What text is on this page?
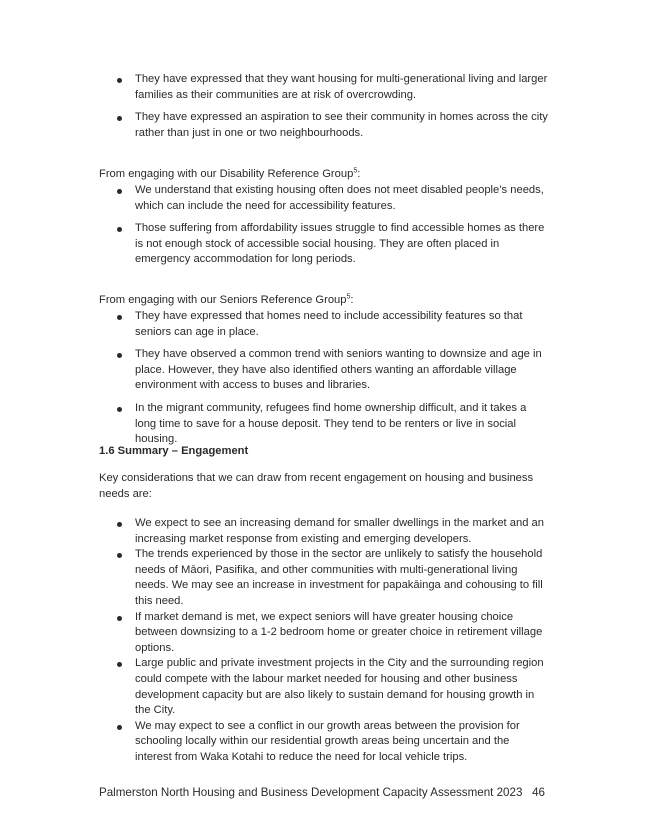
They have expressed that they want housing for multi-generational living and larger families as their communities are at risk of overcrowding.
They have expressed an aspiration to see their community in homes across the city rather than just in one or two neighbourhoods.

From engaging with our Disability Reference Group$^5$:

We understand that existing housing often does not meet disabled people’s needs, which can include the need for accessibility features.
Those suffering from affordability issues struggle to find accessible homes as there is not enough stock of accessible social housing. They are often placed in emergency accommodation for long periods.

From engaging with our Seniors Reference Group$^5$:

They have expressed that homes need to include accessibility features so that seniors can age in place.
They have observed a common trend with seniors wanting to downsize and age in place. However, they have also identified others wanting an affordable village environment with access to buses and libraries.
In the migrant community, refugees find home ownership difficult, and it takes a long time to save for a house deposit. They tend to be renters or live in social housing.

1.6 Summary – Engagement

Key considerations that we can draw from recent engagement on housing and business needs are:

We expect to see an increasing demand for smaller dwellings in the market and an increasing market response from existing and emerging developers.
The trends experienced by those in the sector are unlikely to satisfy the household needs of Māori, Pasifika, and other communities with multi-generational living needs. We may see an increase in investment for papakāinga and cohousing to fill this need.
If market demand is met, we expect seniors will have greater housing choice between downsizing to a 1-2 bedroom home or greater choice in retirement village options.
Large public and private investment projects in the City and the surrounding region could compete with the labour market needed for housing and other business development capacity but are also likely to sustain demand for housing growth in the City.
We may expect to see a conflict in our growth areas between the provision for schooling locally within our residential growth areas being uncertain and the interest from Waka Kotahi to reduce the need for local vehicle trips.
Palmerston North Housing and Business Development Capacity Assessment 2023 46
